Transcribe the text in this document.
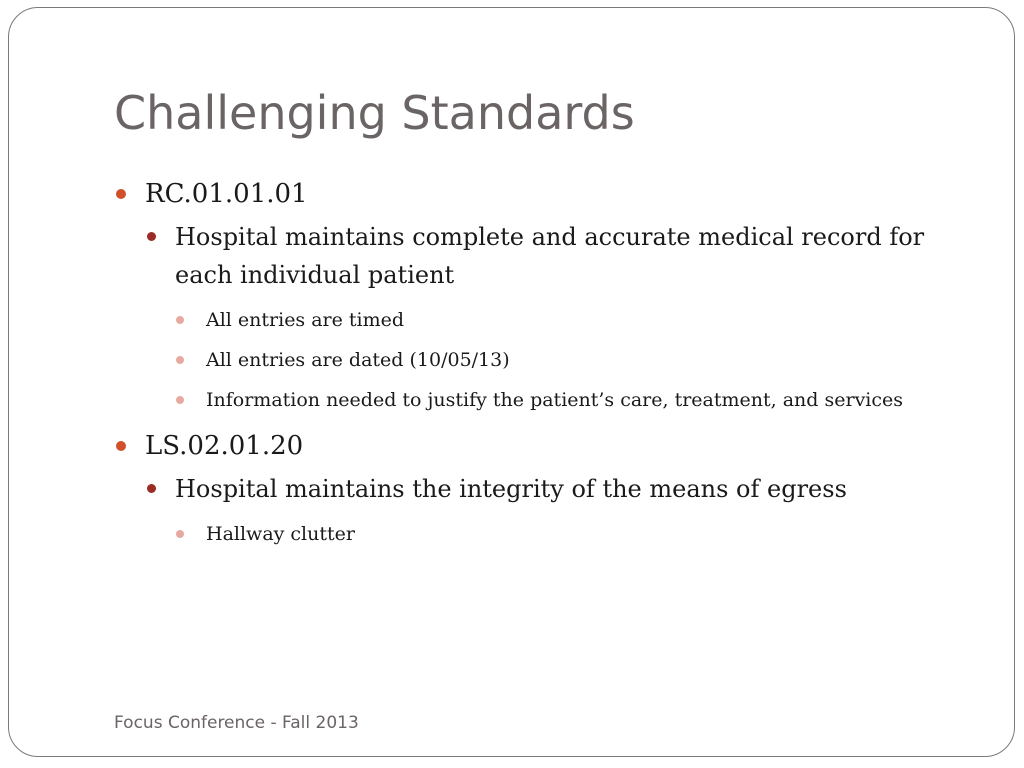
Challenging Standards

RC.01.01.01

Hospital maintains complete and accurate medical record for each individual patient

All entries are timed

All entries are dated (10/05/13)

Information needed to justify the patient’s care, treatment, and services

LS.02.01.20

Hospital maintains the integrity of the means of egress

Hallway clutter

Focus Conference - Fall 2013
